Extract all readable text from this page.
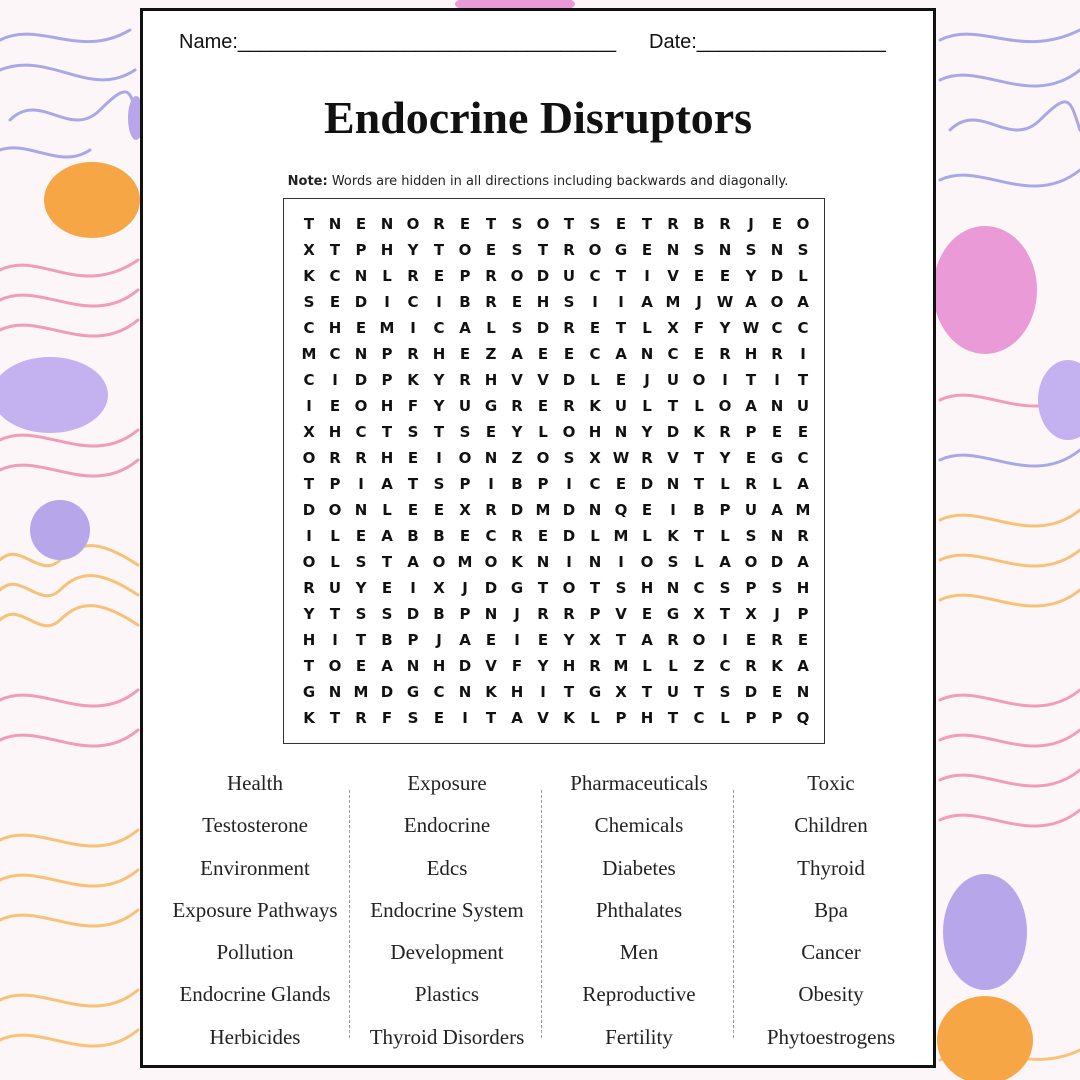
Name:__________________________________ Date:_________________
Endocrine Disruptors
Note: Words are hidden in all directions including backwards and diagonally.
T N E N O R	E	T	S O T	S	E	T	R B R	J	E O
X	T	P H Y	T O E	S	T	R O G E N S N S N S
K C N L	R	E	P R O D U C	T	I	V	E	E	Y D	L
S	E D	I	C	I	B R	E H S	I	I	A M	J W A O A
C H E M	I	C A	L	S D R	E	T	L	X	F	Y W C C
M C N P R H E	Z A	E	E	C A N C	E	R H R	I
C	I	D P K Y R H V V D	L	E	J	U O	I	T	I	T
I	E O H F	Y U G R	E	R K U	L	T	L O A N U
X H C	T	S	T	S	E	Y	L O H N Y D K R P	E	E
O R R H E	I	O N Z O S X W R V	T	Y	E G C
T	P	I	A	T	S	P	I	B P	I	C	E D N T	L	R	L	A
D O N L	E	E	X R D M D N Q E	I	B P U A M
I	L	E	A B B	E	C R	E D	L M L	K	T	L	S N R
O L	S	T	A O M O K N	I	N	I	O S	L	A O D A
R U Y	E	I	X	J	D G T O T	S H N C	S	P	S H
Y	T	S	S D B P N	J	R R P V	E G X	T	X	J	P
H	I	T	B P	J	A	E	I	E	Y X	T	A R O	I	E	R	E
T O E	A N H D V	F	Y H R M L	L	Z	C R K A
G N M D G C N K H	I	T G X	T U T	S D E N
K	T	R	F	S	E	I	T	A V K	L	P H T	C	L	P	P Q
Health
Testosterone
Environment
Exposure Pathways
Pollution
Endocrine Glands
Herbicides
Exposure
Endocrine
Edcs
Endocrine System
Development
Plastics
Thyroid Disorders
Pharmaceuticals
Chemicals
Diabetes
Phthalates
Men
Reproductive
Fertility
Toxic
Children
Thyroid
Bpa
Cancer
Obesity
Phytoestrogens
